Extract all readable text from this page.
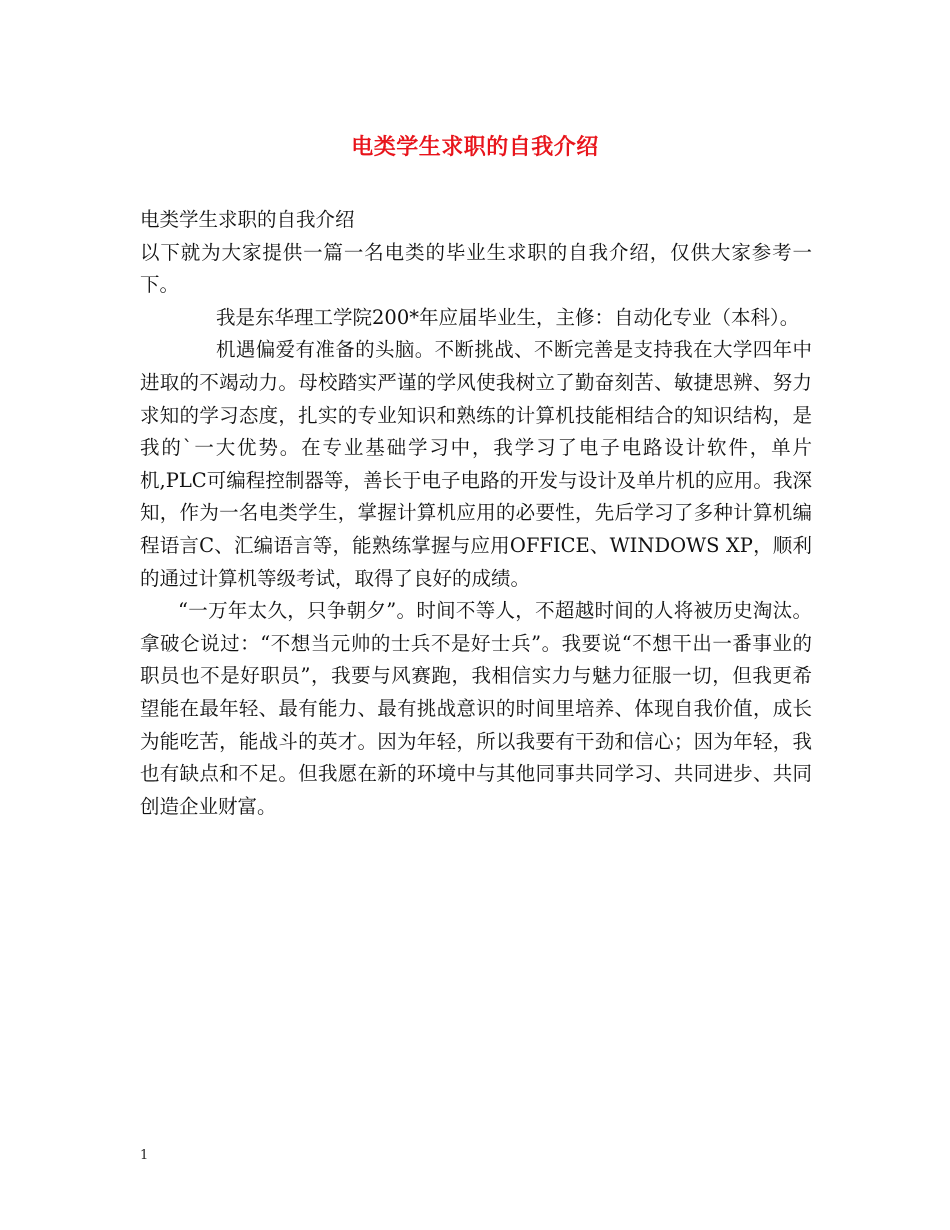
电类学生求职的自我介绍

电类学生求职的自我介绍

以下就为大家提供一篇一名电类的毕业生求职的自我介绍，仅供大家参考一下。

我是东华理工学院200*年应届毕业生，主修：自动化专业（本科）。

机遇偏爱有准备的头脑。不断挑战、不断完善是支持我在大学四年中进取的不竭动力。母校踏实严谨的学风使我树立了勤奋刻苦、敏捷思辨、努力求知的学习态度，扎实的专业知识和熟练的计算机技能相结合的知识结构，是我的`一大优势。在专业基础学习中，我学习了电子电路设计软件，单片机,PLC可编程控制器等，善长于电子电路的开发与设计及单片机的应用。我深知，作为一名电类学生，掌握计算机应用的必要性，先后学习了多种计算机编程语言C、汇编语言等，能熟练掌握与应用OFFICE、WINDOWS XP，顺利的通过计算机等级考试，取得了良好的成绩。

“一万年太久，只争朝夕”。时间不等人，不超越时间的人将被历史淘汰。拿破仑说过：“不想当元帅的士兵不是好士兵”。我要说“不想干出一番事业的职员也不是好职员”，我要与风赛跑，我相信实力与魅力征服一切，但我更希望能在最年轻、最有能力、最有挑战意识的时间里培养、体现自我价值，成长为能吃苦，能战斗的英才。因为年轻，所以我要有干劲和信心；因为年轻，我也有缺点和不足。但我愿在新的环境中与其他同事共同学习、共同进步、共同创造企业财富。

1
